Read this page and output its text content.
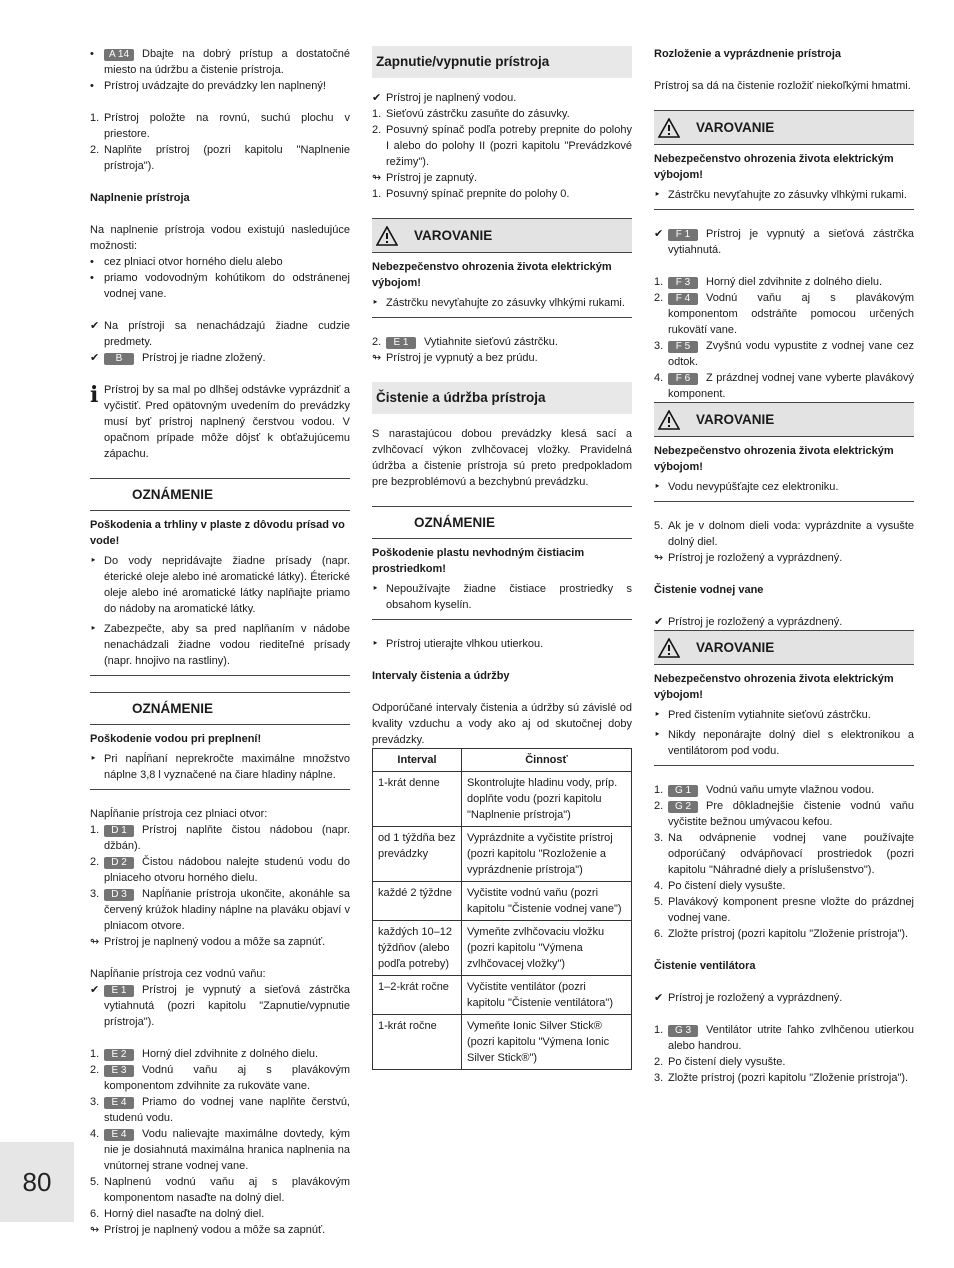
•	A 14 Dbajte na dobrý prístup a dostatočné miesto na údržbu a čistenie prístroja.
• Prístroj uvádzajte do prevádzky len naplnený!
1. Prístroj položte na rovnú, suchú plochu v priestore.
2. Naplňte prístroj (pozri kapitolu "Naplnenie prístroja").
Naplnenie prístroja
Na naplnenie prístroja vodou existujú nasledujúce možnosti:
• cez plniaci otvor horného dielu alebo
• priamo vodovodným kohútikom do odstránenej vodnej vane.
✔ Na prístroji sa nenachádzajú žiadne cudzie predmety.
✔	B Prístroj je riadne zložený.
i Prístroj by sa mal po dlhšej odstávke vyprázdniť a vyčistiť. Pred opätovným uvedením do prevádzky musí byť prístroj naplnený čerstvou vodou. V opačnom prípade môže dôjsť k obťažujúcemu zápachu.
OZNÁMENIE
Poškodenia a trhliny v plaste z dôvodu prísad vo vode!
‣ Do vody nepridávajte žiadne prísady (napr. éterické oleje alebo iné aromatické látky). Éterické oleje alebo iné aromatické látky naplňajte priamo do nádoby na aromatické látky.
‣ Zabezpečte, aby sa pred naplňaním v nádobe nenachádzali žiadne vodou riediteľné prísady (napr. hnojivo na rastliny).
OZNÁMENIE
Poškodenie vodou pri preplnení!
‣ Pri napĺňaní neprekročte maximálne množstvo náplne 3,8 l vyznačené na čiare hladiny náplne.
Napĺňanie prístroja cez plniaci otvor:
1.	D 1 Prístroj naplňte čistou nádobou (napr. džbán).
2.	D 2 Čistou nádobou nalejte studenú vodu do plniaceho otvoru horného dielu.
3.	D 3 Napĺňanie prístroja ukončite, akonáhle sa červený krúžok hladiny náplne na plaváku objaví v plniacom otvore.
↬ Prístroj je naplnený vodou a môže sa zapnúť.
Napĺňanie prístroja cez vodnú vaňu:
✔	E 1 Prístroj je vypnutý a sieťová zástrčka vytiahnutá (pozri kapitolu "Zapnutie/vypnutie prístroja").
1.	E 2 Horný diel zdvihnite z dolného dielu.
2.	E 3 Vodnú vaňu aj s plavákovým komponentom zdvihnite za rukoväte vane.
3.	E 4 Priamo do vodnej vane naplňte čerstvú, studenú vodu.
4.	E 4 Vodu nalievajte maximálne dovtedy, kým nie je dosiahnutá maximálna hranica naplnenia na vnútornej strane vodnej vane.
5. Naplnenú vodnú vaňu aj s plavákovým komponentom nasaďte na dolný diel.
6. Horný diel nasaďte na dolný diel.
↬ Prístroj je naplnený vodou a môže sa zapnúť.
Zapnutie/vypnutie prístroja
✔ Prístroj je naplnený vodou.
1. Sieťovú zástrčku zasuňte do zásuvky.
2. Posuvný spínač podľa potreby prepnite do polohy I alebo do polohy II (pozri kapitolu "Prevádzkové režimy").
↬ Prístroj je zapnutý.
1. Posuvný spínač prepnite do polohy 0.
VAROVANIE
Nebezpečenstvo ohrozenia života elektrickým výbojom!
‣ Zástrčku nevyťahujte zo zásuvky vlhkými rukami.
2.	E 1 Vytiahnite sieťovú zástrčku.
↬ Prístroj je vypnutý a bez prúdu.
Čistenie a údržba prístroja
S narastajúcou dobou prevádzky klesá sací a zvlhčovací výkon zvlhčovacej vložky. Pravidelná údržba a čistenie prístroja sú preto predpokladom pre bezproblémovú a bezchybnú prevádzku.
OZNÁMENIE
Poškodenie plastu nevhodným čistiacim prostriedkom!
‣ Nepoužívajte žiadne čistiace prostriedky s obsahom kyselín.
‣ Prístroj utierajte vlhkou utierkou.
Intervaly čistenia a údržby
Odporúčané intervaly čistenia a údržby sú závislé od kvality vzduchu a vody ako aj od skutočnej doby prevádzky.
Interval	Činnosť
1-krát denne	Skontrolujte hladinu vody, príp. doplňte vodu (pozri kapitolu "Naplnenie prístroja")
od 1 týždňa bez prevádzky	Vyprázdnite a vyčistite prístroj (pozri kapitolu "Rozloženie a vyprázdnenie prístroja")
každé 2 týždne	Vyčistite vodnú vaňu (pozri kapitolu "Čistenie vodnej vane")
každých 10–12 týždňov (alebo podľa potreby)	Vymeňte zvlhčovaciu vložku (pozri kapitolu "Výmena zvlhčovacej vložky")
1–2-krát ročne	Vyčistite ventilátor (pozri kapitolu "Čistenie ventilátora")
1-krát ročne	Vymeňte Ionic Silver Stick® (pozri kapitolu "Výmena Ionic Silver Stick®")
Rozloženie a vyprázdnenie prístroja
Prístroj sa dá na čistenie rozložiť niekoľkými hmatmi.
VAROVANIE
Nebezpečenstvo ohrozenia života elektrickým výbojom!
‣ Zástrčku nevyťahujte zo zásuvky vlhkými rukami.
✔	F 1 Prístroj je vypnutý a sieťová zástrčka vytiahnutá.
1.	F 3 Horný diel zdvihnite z dolného dielu.
2.	F 4 Vodnú vaňu aj s plavákovým komponentom odstráňte pomocou určených rukovätí vane.
3.	F 5 Zvyšnú vodu vypustite z vodnej vane cez odtok.
4.	F 6 Z prázdnej vodnej vane vyberte plavákový komponent.
VAROVANIE
Nebezpečenstvo ohrozenia života elektrickým výbojom!
‣ Vodu nevypúšťajte cez elektroniku.
5. Ak je v dolnom dieli voda: vyprázdnite a vysušte dolný diel.
↬ Prístroj je rozložený a vyprázdnený.
Čistenie vodnej vane
✔ Prístroj je rozložený a vyprázdnený.
VAROVANIE
Nebezpečenstvo ohrozenia života elektrickým výbojom!
‣ Pred čistením vytiahnite sieťovú zástrčku.
‣ Nikdy neponárajte dolný diel s elektronikou a ventilátorom pod vodu.
1.	G 1 Vodnú vaňu umyte vlažnou vodou.
2.	G 2 Pre dôkladnejšie čistenie vodnú vaňu vyčistite bežnou umývacou kefou.
3. Na odvápnenie vodnej vane používajte odporúčaný odvápňovací prostriedok (pozri kapitolu "Náhradné diely a príslušenstvo").
4. Po čistení diely vysušte.
5. Plavákový komponent presne vložte do prázdnej vodnej vane.
6. Zložte prístroj (pozri kapitolu "Zloženie prístroja").
Čistenie ventilátora
✔ Prístroj je rozložený a vyprázdnený.
1.	G 3 Ventilátor utrite ľahko zvlhčenou utierkou alebo handrou.
2. Po čistení diely vysušte.
3. Zložte prístroj (pozri kapitolu "Zloženie prístroja").
80
